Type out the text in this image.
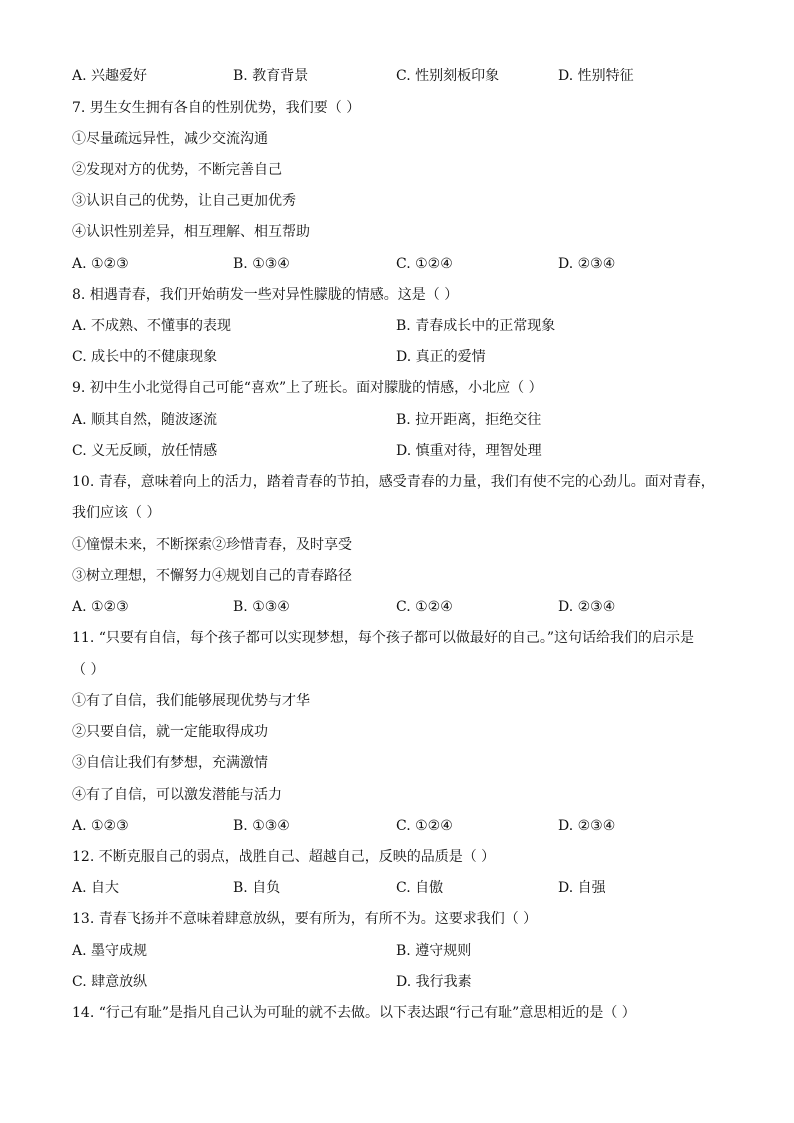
A. 兴趣爱好	B. 教育背景	C. 性别刻板印象	D. 性别特征
7. 男生女生拥有各自的性别优势，我们要（ ）
①尽量疏远异性，减少交流沟通
②发现对方的优势，不断完善自己
③认识自己的优势，让自己更加优秀
④认识性别差异，相互理解、相互帮助
A. ①②③	B. ①③④	C. ①②④	D. ②③④
8. 相遇青春，我们开始萌发一些对异性朦胧的情感。这是（ ）
A. 不成熟、不懂事的表现	B. 青春成长中的正常现象
C. 成长中的不健康现象	D. 真正的爱情
9. 初中生小北觉得自己可能“喜欢”上了班长。面对朦胧的情感，小北应（ ）
A. 顺其自然，随波逐流	B. 拉开距离，拒绝交往
C. 义无反顾，放任情感	D. 慎重对待，理智处理
10. 青春，意味着向上的活力，踏着青春的节拍，感受青春的力量，我们有使不完的心劲儿。面对青春，
我们应该（ ）
①憧憬未来，不断探索②珍惜青春，及时享受
③树立理想，不懈努力④规划自己的青春路径
A. ①②③	B. ①③④	C. ①②④	D. ②③④
11. “只要有自信，每个孩子都可以实现梦想，每个孩子都可以做最好的自己。”这句话给我们的启示是
（ ）
①有了自信，我们能够展现优势与才华
②只要自信，就一定能取得成功
③自信让我们有梦想，充满激情
④有了自信，可以激发潜能与活力
A. ①②③	B. ①③④	C. ①②④	D. ②③④
12. 不断克服自己的弱点，战胜自己、超越自己，反映的品质是（ ）
A. 自大	B. 自负	C. 自傲	D. 自强
13. 青春飞扬并不意味着肆意放纵，要有所为，有所不为。这要求我们（ ）
A. 墨守成规	B. 遵守规则
C. 肆意放纵	D. 我行我素
14. “行己有耻”是指凡自己认为可耻的就不去做。以下表达跟“行己有耻”意思相近的是（ ）
